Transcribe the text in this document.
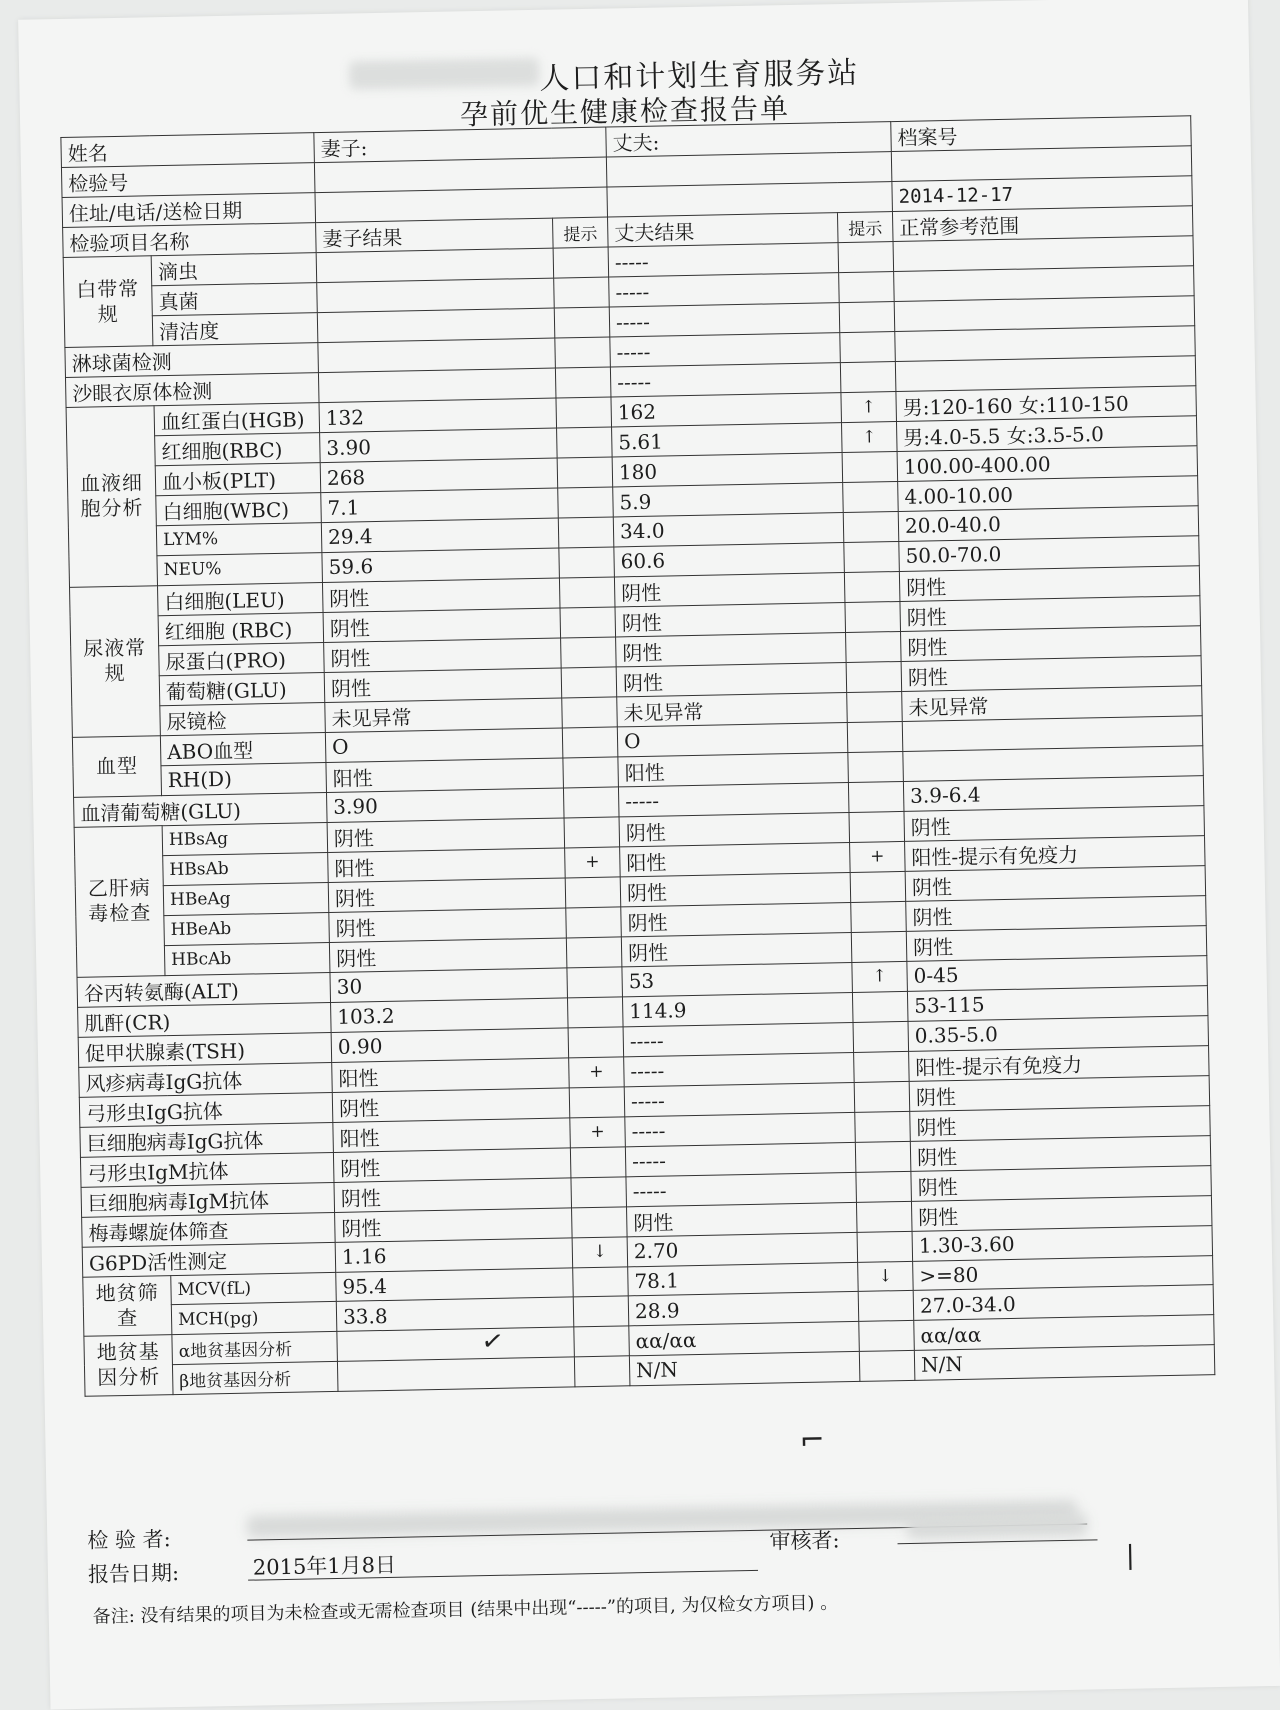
人口和计划生育服务站
孕前优生健康检查报告单
姓名		妻子:		丈夫:		档案号
检验号						
住址/电话/送检日期						2014-12-17
检验项目名称		妻子结果	提示	丈夫结果	提示	正常参考范围
白带常规	滴虫			-----		
	真菌			-----		
	清洁度			-----		
淋球菌检测				-----		
沙眼衣原体检测				-----		
血液细胞分析	血红蛋白(HGB)	132		162	↑	男:120-160 女:110-150
	红细胞(RBC)	3.90		5.61	↑	男:4.0-5.5 女:3.5-5.0
	血小板(PLT)	268		180		100.00-400.00
	白细胞(WBC)	7.1		5.9		4.00-10.00
	LYM%	29.4		34.0		20.0-40.0
	NEU%	59.6		60.6		50.0-70.0
尿液常规	白细胞(LEU)	阴性		阴性		阴性
	红细胞 (RBC)	阴性		阴性		阴性
	尿蛋白(PRO)	阴性		阴性		阴性
	葡萄糖(GLU)	阴性		阴性		阴性
	尿镜检	未见异常		未见异常		未见异常
血型	ABO血型	O		O		
	RH(D)	阳性		阳性		
血清葡萄糖(GLU)		3.90		-----		3.9-6.4
乙肝病毒检查	HBsAg	阴性		阴性		阴性
	HBsAb	阳性	+	阳性	+	阳性-提示有免疫力
	HBeAg	阴性		阴性		阴性
	HBeAb	阴性		阴性		阴性
	HBcAb	阴性		阴性		阴性
谷丙转氨酶(ALT)		30		53	↑	0-45
肌酐(CR)		103.2		114.9		53-115
促甲状腺素(TSH)		0.90		-----		0.35-5.0
风疹病毒IgG抗体		阳性	+	-----		阳性-提示有免疫力
弓形虫IgG抗体		阴性		-----		阴性
巨细胞病毒IgG抗体		阳性	+	-----		阴性
弓形虫IgM抗体		阴性		-----		阴性
巨细胞病毒IgM抗体		阴性		-----		阴性
梅毒螺旋体筛查		阴性		阴性		阴性
G6PD活性测定		1.16	↓	2.70		1.30-3.60
地贫筛查	MCV(fL)	95.4		78.1	↓	>=80
	MCH(pg)	33.8		28.9		27.0-34.0
地贫基因分析	α地贫基因分析			αα/αα		αα/αα
	β地贫基因分析			N/N		N/N
检 验 者:
报告日期:	2015年1月8日
审核者:
备注: 没有结果的项目为未检查或无需检查项目 (结果中出现“-----”的项目, 为仅检女方项目) 。
✓
⌐
|
